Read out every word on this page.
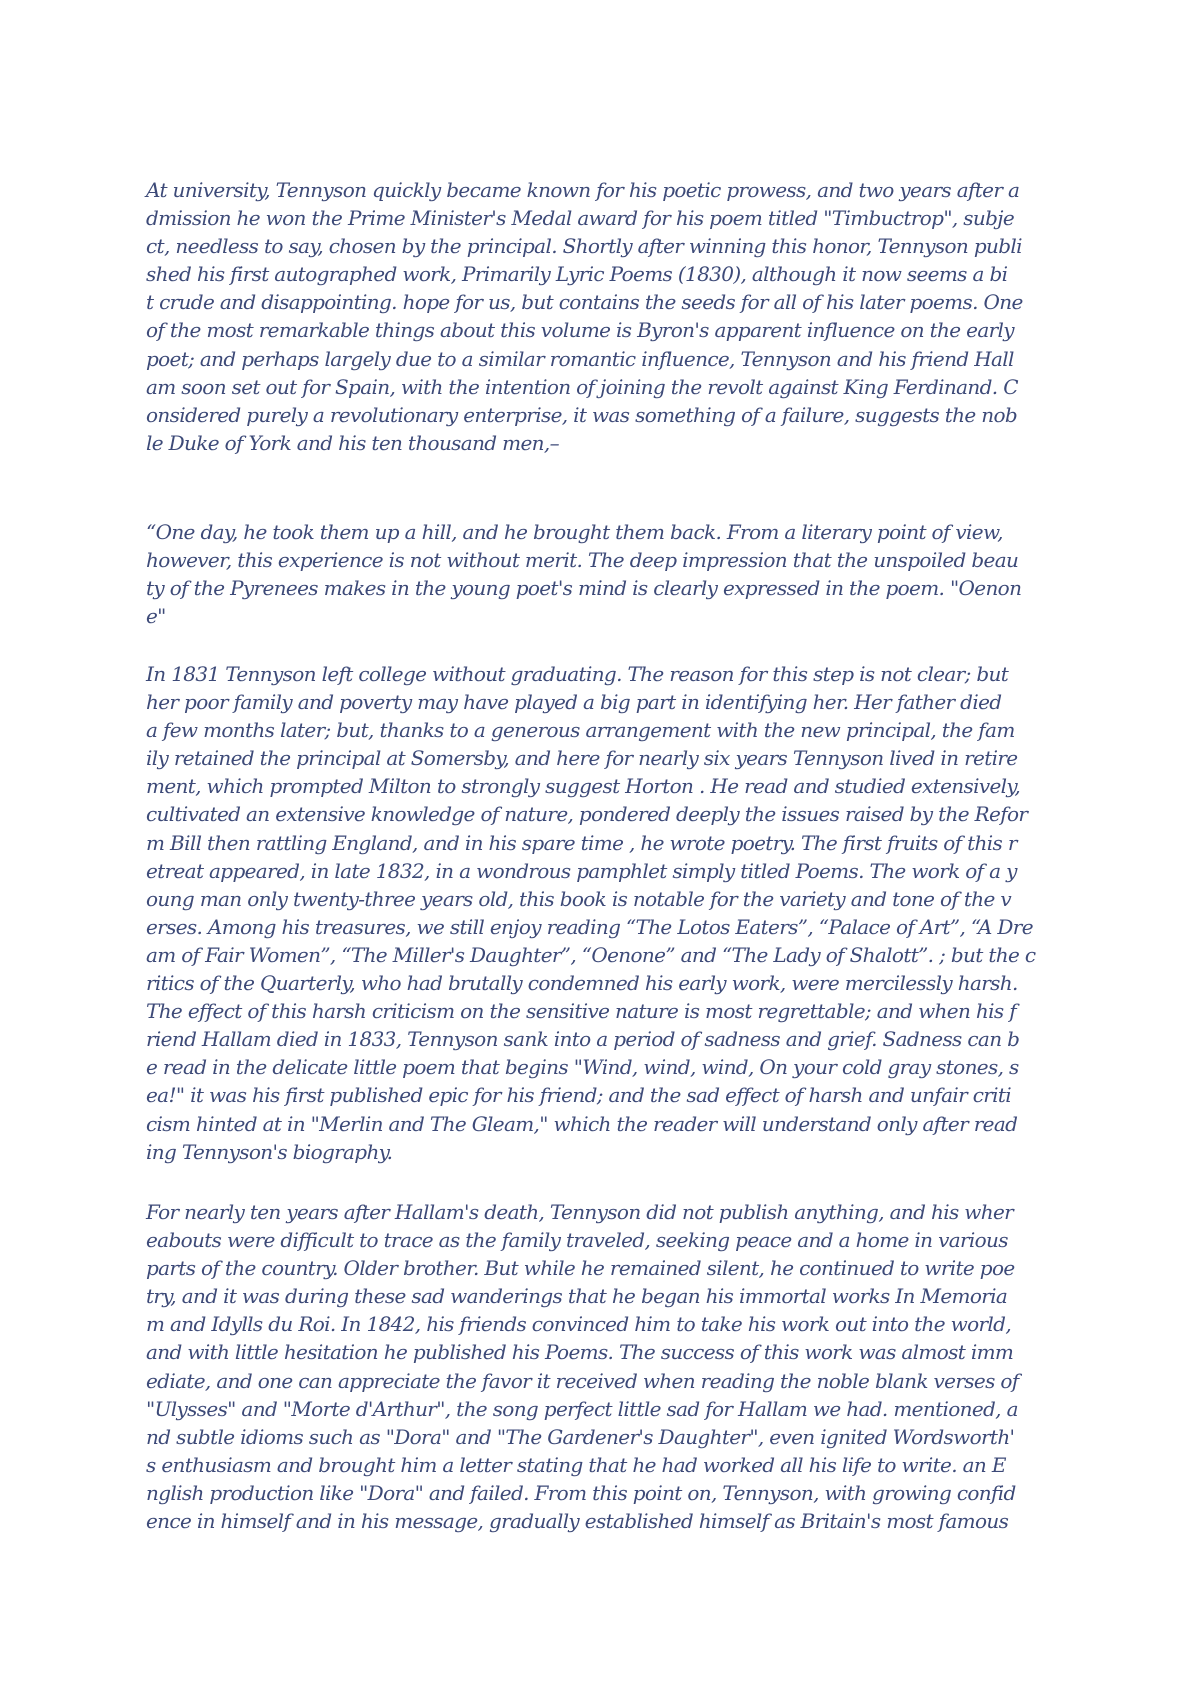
At university, Tennyson quickly became known for his poetic prowess, and two years after a
dmission he won the Prime Minister's Medal award for his poem titled "Timbuctrop", subje
ct, needless to say, chosen by the principal. Shortly after winning this honor, Tennyson publi
shed his first autographed work, Primarily Lyric Poems (1830), although it now seems a bi
t crude and disappointing. hope for us, but contains the seeds for all of his later poems. One
of the most remarkable things about this volume is Byron's apparent influence on the early
poet; and perhaps largely due to a similar romantic influence, Tennyson and his friend Hall
am soon set out for Spain, with the intention of joining the revolt against King Ferdinand. C
onsidered purely a revolutionary enterprise, it was something of a failure, suggests the nob
le Duke of York and his ten thousand men,–
“One day, he took them up a hill, and he brought them back. From a literary point of view,
however, this experience is not without merit. The deep impression that the unspoiled beau
ty of the Pyrenees makes in the young poet's mind is clearly expressed in the poem. "Oenon
e"
In 1831 Tennyson left college without graduating. The reason for this step is not clear; but
her poor family and poverty may have played a big part in identifying her. Her father died
a few months later; but, thanks to a generous arrangement with the new principal, the fam
ily retained the principal at Somersby, and here for nearly six years Tennyson lived in retire
ment, which prompted Milton to strongly suggest Horton . He read and studied extensively,
cultivated an extensive knowledge of nature, pondered deeply the issues raised by the Refor
m Bill then rattling England, and in his spare time , he wrote poetry. The first fruits of this r
etreat appeared, in late 1832, in a wondrous pamphlet simply titled Poems. The work of a y
oung man only twenty-three years old, this book is notable for the variety and tone of the v
erses. Among his treasures, we still enjoy reading “The Lotos Eaters”, “Palace of Art”, “A Dre
am of Fair Women”, “The Miller's Daughter”, “Oenone” and “The Lady of Shalott”. ; but the c
ritics of the Quarterly, who had brutally condemned his early work, were mercilessly harsh.
The effect of this harsh criticism on the sensitive nature is most regrettable; and when his f
riend Hallam died in 1833, Tennyson sank into a period of sadness and grief. Sadness can b
e read in the delicate little poem that begins "Wind, wind, wind, On your cold gray stones, s
ea!" it was his first published epic for his friend; and the sad effect of harsh and unfair criti
cism hinted at in "Merlin and The Gleam," which the reader will understand only after read
ing Tennyson's biography.
For nearly ten years after Hallam's death, Tennyson did not publish anything, and his wher
eabouts were difficult to trace as the family traveled, seeking peace and a home in various
parts of the country. Older brother. But while he remained silent, he continued to write poe
try, and it was during these sad wanderings that he began his immortal works In Memoria
m and Idylls du Roi. In 1842, his friends convinced him to take his work out into the world,
and with little hesitation he published his Poems. The success of this work was almost imm
ediate, and one can appreciate the favor it received when reading the noble blank verses of
"Ulysses" and "Morte d'Arthur", the song perfect little sad for Hallam we had. mentioned, a
nd subtle idioms such as "Dora" and "The Gardener's Daughter", even ignited Wordsworth'
s enthusiasm and brought him a letter stating that he had worked all his life to write. an E
nglish production like "Dora" and failed. From this point on, Tennyson, with growing confid
ence in himself and in his message, gradually established himself as Britain's most famous
